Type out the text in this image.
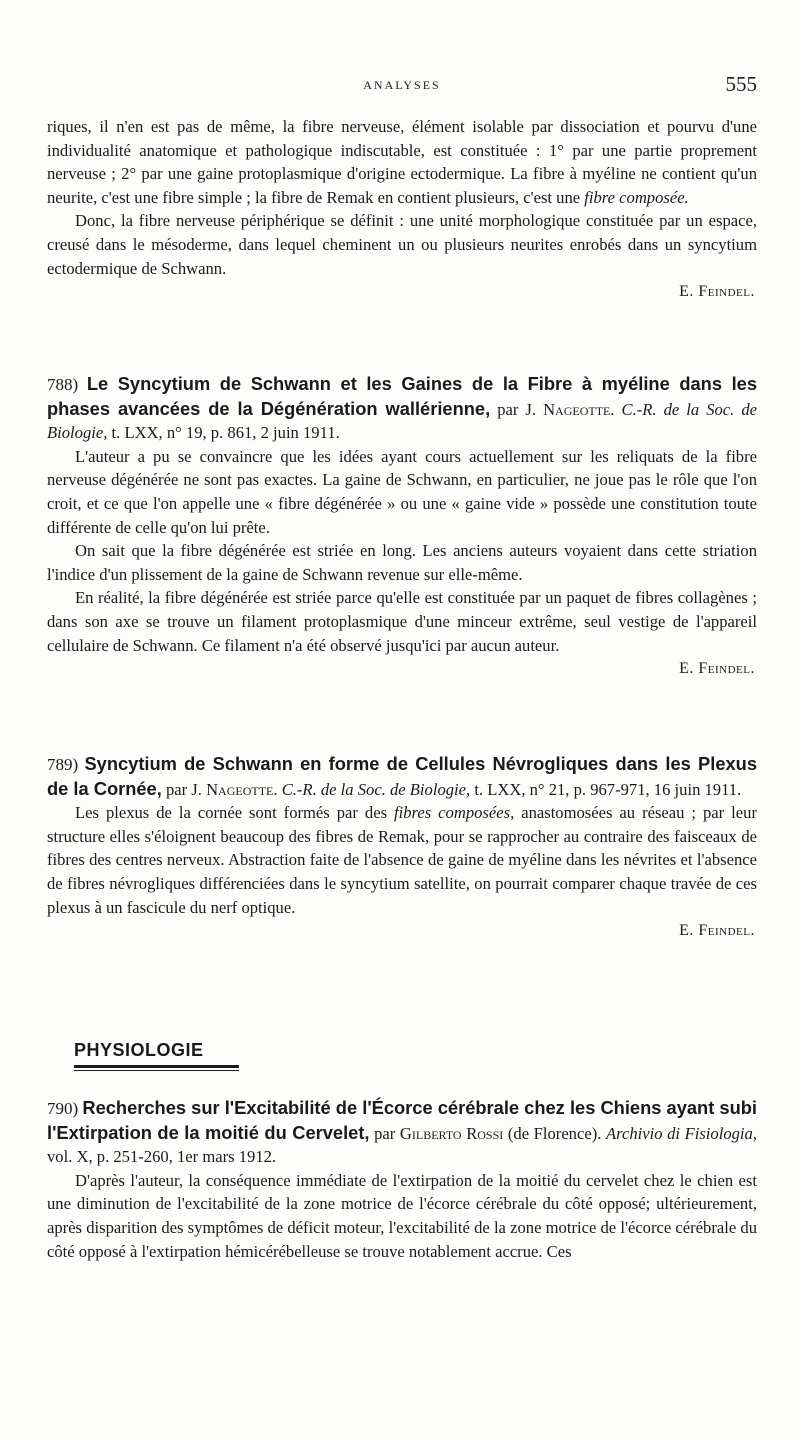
ANALYSES	555

riques, il n'en est pas de même, la fibre nerveuse, élément isolable par dissociation et pourvu d'une individualité anatomique et pathologique indiscutable, est constituée : 1° par une partie proprement nerveuse ; 2° par une gaine protoplasmique d'origine ectodermique. La fibre à myéline ne contient qu'un neurite, c'est une fibre simple ; la fibre de Remak en contient plusieurs, c'est une fibre composée.

Donc, la fibre nerveuse périphérique se définit : une unité morphologique constituée par un espace, creusé dans le mésoderme, dans lequel cheminent un ou plusieurs neurites enrobés dans un syncytium ectodermique de Schwann.

E. Feindel.
788) Le Syncytium de Schwann et les Gaines de la Fibre à myéline dans les phases avancées de la Dégénération wallérienne, par J. Nageotte. C.-R. de la Soc. de Biologie, t. LXX, n° 19, p. 861, 2 juin 1911.

L'auteur a pu se convaincre que les idées ayant cours actuellement sur les reliquats de la fibre nerveuse dégénérée ne sont pas exactes. La gaine de Schwann, en particulier, ne joue pas le rôle que l'on croit, et ce que l'on appelle une « fibre dégénérée » ou une « gaine vide » possède une constitution toute différente de celle qu'on lui prête.

On sait que la fibre dégénérée est striée en long. Les anciens auteurs voyaient dans cette striation l'indice d'un plissement de la gaine de Schwann revenue sur elle-même.

En réalité, la fibre dégénérée est striée parce qu'elle est constituée par un paquet de fibres collagènes ; dans son axe se trouve un filament protoplasmique d'une minceur extrême, seul vestige de l'appareil cellulaire de Schwann. Ce filament n'a été observé jusqu'ici par aucun auteur.

E. Feindel.
789) Syncytium de Schwann en forme de Cellules Névrogliques dans les Plexus de la Cornée, par J. Nageotte. C.-R. de la Soc. de Biologie, t. LXX, n° 21, p. 967-971, 16 juin 1911.

Les plexus de la cornée sont formés par des fibres composées, anastomosées au réseau ; par leur structure elles s'éloignent beaucoup des fibres de Remak, pour se rapprocher au contraire des faisceaux de fibres des centres nerveux. Abstraction faite de l'absence de gaine de myéline dans les névrites et l'absence de fibres névrogliques différenciées dans le syncytium satellite, on pourrait comparer chaque travée de ces plexus à un fascicule du nerf optique.

E. Feindel.
PHYSIOLOGIE
790) Recherches sur l'Excitabilité de l'Écorce cérébrale chez les Chiens ayant subi l'Extirpation de la moitié du Cervelet, par Gilberto Rossi (de Florence). Archivio di Fisiologia, vol. X, p. 251-260, 1er mars 1912.

D'après l'auteur, la conséquence immédiate de l'extirpation de la moitié du cervelet chez le chien est une diminution de l'excitabilité de la zone motrice de l'écorce cérébrale du côté opposé; ultérieurement, après disparition des symptômes de déficit moteur, l'excitabilité de la zone motrice de l'écorce cérébrale du côté opposé à l'extirpation hémicérébelleuse se trouve notablement accrue. Ces
